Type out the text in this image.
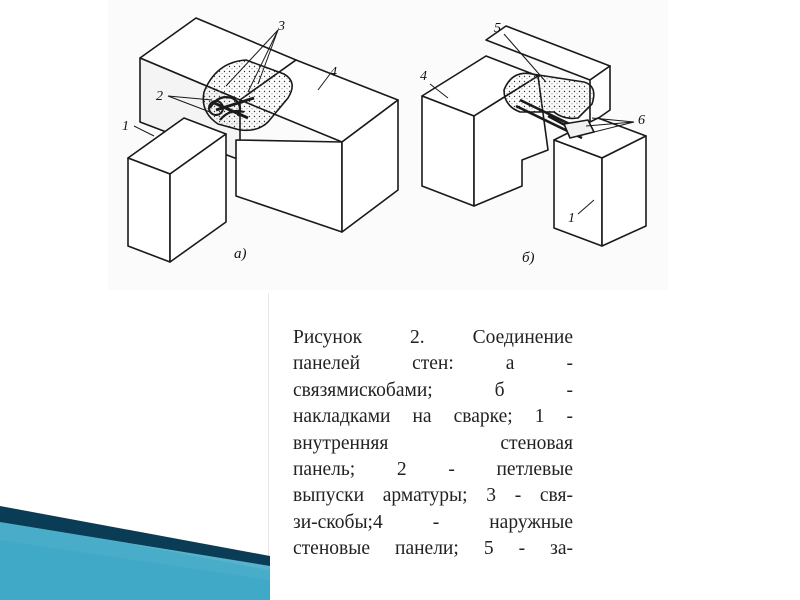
1
2
3
4
а)
5
4
6
1
б)
Рисунок 2. Соединение
панелей	стен:	а	-
связямискобами;	б	-
накладками на сварке; 1 -
внутренняя	стеновая
панель; 2 - петлевые
выпуски арматуры; 3 - свя-
зи-скобы;4	-	наружные
стеновые панели; 5 - за-
